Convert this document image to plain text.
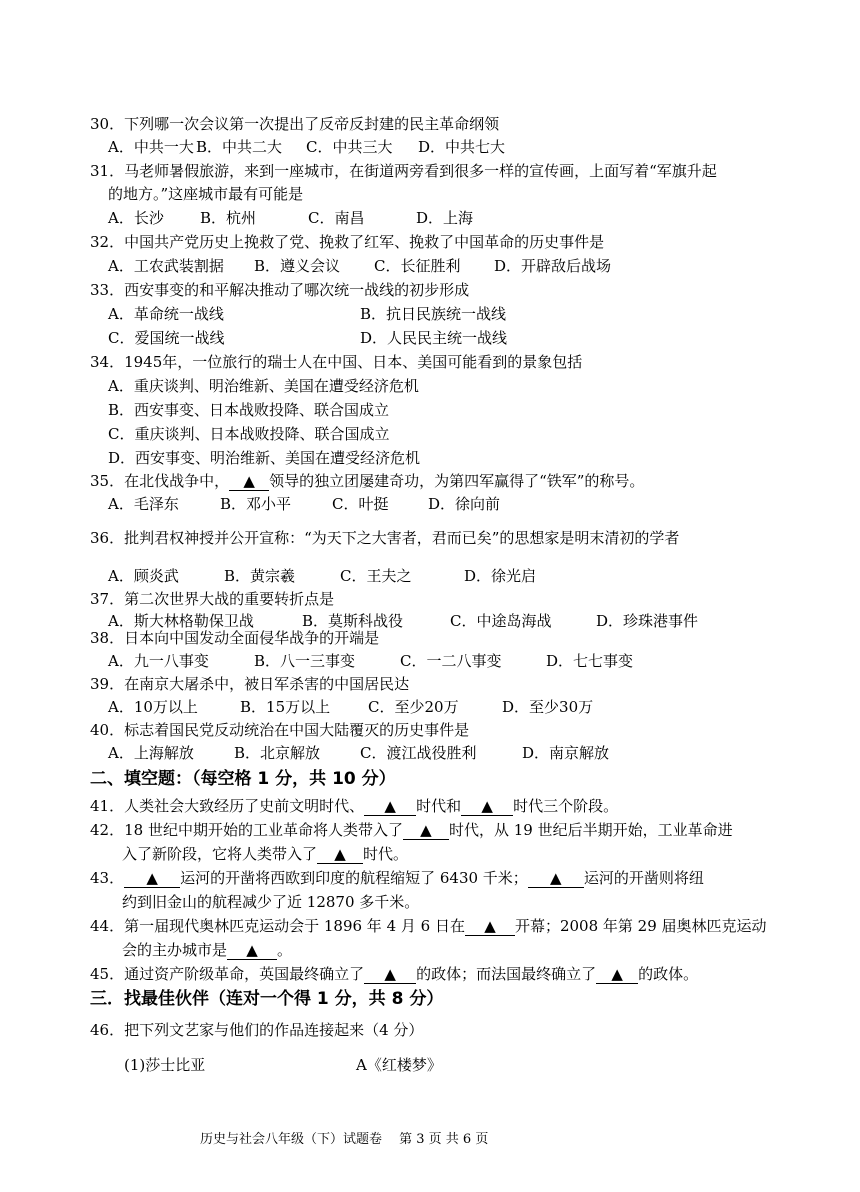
30．下列哪一次会议第一次提出了反帝反封建的民主革命纲领
A．中共一大 B．中共二大 C．中共三大 D．中共七大
31．马老师暑假旅游，来到一座城市，在街道两旁看到很多一样的宣传画，上面写着“军旗升起
的地方。”这座城市最有可能是
A．长沙 B．杭州	C．南昌	D．上海
32．中国共产党历史上挽救了党、挽救了红军、挽救了中国革命的历史事件是
A．工农武装割据 B．遵义会议 C．长征胜利 D．开辟敌后战场
33．西安事变的和平解决推动了哪次统一战线的初步形成
A．革命统一战线	B．抗日民族统一战线
C．爱国统一战线	D．人民民主统一战线
34．1945年，一位旅行的瑞士人在中国、日本、美国可能看到的景象包括
A．重庆谈判、明治维新、美国在遭受经济危机
B．西安事变、日本战败投降、联合国成立
C．重庆谈判、日本战败投降、联合国成立
D．西安事变、明治维新、美国在遭受经济危机
35．在北伐战争中， ▲ 领导的独立团屡建奇功，为第四军赢得了“铁军”的称号。
A．毛泽东	B．邓小平	C．叶挺	D．徐向前
36．批判君权神授并公开宣称：“为天下之大害者，君而已矣”的思想家是明末清初的学者
A．顾炎武	B．黄宗羲	C．王夫之	D．徐光启
37．第二次世界大战的重要转折点是
A．斯大林格勒保卫战	B．莫斯科战役	C．中途岛海战	D．珍珠港事件
38．日本向中国发动全面侵华战争的开端是
A．九一八事变	B．八一三事变	C．一二八事变	D．七七事变
39．在南京大屠杀中，被日军杀害的中国居民达
A．10万以上	B．15万以上	C．至少20万	D．至少30万
40．标志着国民党反动统治在中国大陆覆灭的历史事件是
A．上海解放	B．北京解放	C．渡江战役胜利	D．南京解放
二、填空题：（每空格 1 分，共 10 分）
41．人类社会大致经历了史前文明时代、 ▲ 时代和 ▲ 时代三个阶段。
42．18 世纪中期开始的工业革命将人类带入了 ▲ 时代，从 19 世纪后半期开始，工业革命进
入了新阶段，它将人类带入了 ▲ 时代。
43． ▲ 运河的开凿将西欧到印度的航程缩短了 6430 千米； ▲ 运河的开凿则将纽
约到旧金山的航程减少了近 12870 多千米。
44．第一届现代奥林匹克运动会于 1896 年 4 月 6 日在 ▲ 开幕；2008 年第 29 届奥林匹克运动
会的主办城市是 ▲ 。
45．通过资产阶级革命，英国最终确立了 ▲ 的政体；而法国最终确立了 ▲ 的政体。
三．找最佳伙伴（连对一个得 1 分，共 8 分）
46．把下列文艺家与他们的作品连接起来（4 分）
(1)莎士比亚	A《红楼梦》
历史与社会八年级（下）试题卷　 第 3 页 共 6 页
